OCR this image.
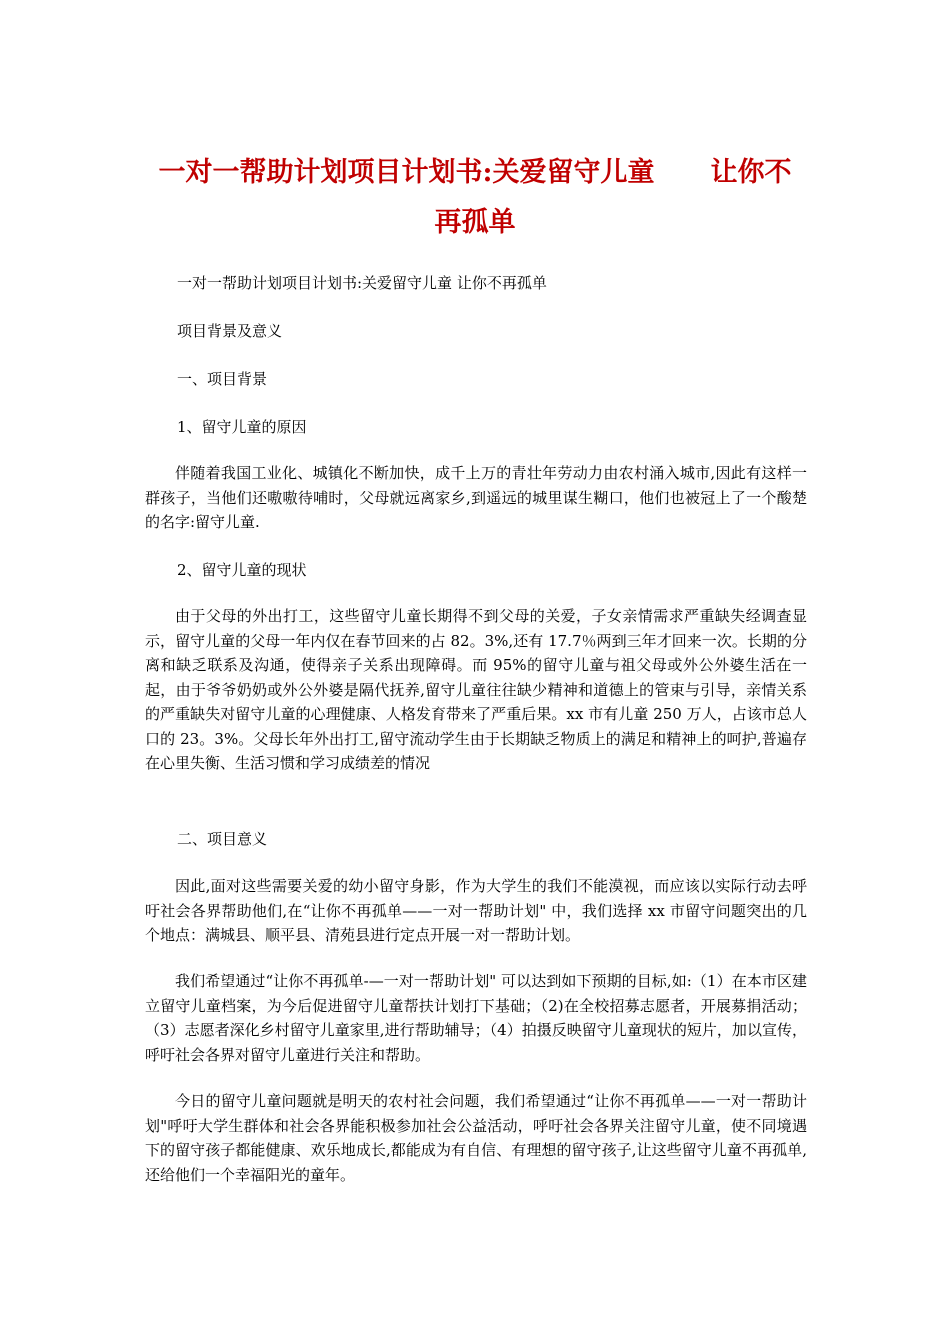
一对一帮助计划项目计划书:关爱留守儿童 让你不
再孤单
一对一帮助计划项目计划书:关爱留守儿童 让你不再孤单
项目背景及意义
一、项目背景
1、留守儿童的原因
伴随着我国工业化、城镇化不断加快，成千上万的青壮年劳动力由农村涌入城市,因此有这样一群孩子，当他们还嗷嗷待哺时，父母就远离家乡,到遥远的城里谋生糊口，他们也被冠上了一个酸楚的名字:留守儿童.
2、留守儿童的现状
由于父母的外出打工，这些留守儿童长期得不到父母的关爱，子女亲情需求严重缺失经调查显示，留守儿童的父母一年内仅在春节回来的占 82。3%,还有 17.7％两到三年才回来一次。长期的分离和缺乏联系及沟通，使得亲子关系出现障碍。而 95%的留守儿童与祖父母或外公外婆生活在一起，由于爷爷奶奶或外公外婆是隔代抚养,留守儿童往往缺少精神和道德上的管束与引导，亲情关系的严重缺失对留守儿童的心理健康、人格发育带来了严重后果。xx 市有儿童 250 万人，占该市总人口的 23。3%。父母长年外出打工,留守流动学生由于长期缺乏物质上的满足和精神上的呵护,普遍存在心里失衡、生活习惯和学习成绩差的情况
二、项目意义
因此,面对这些需要关爱的幼小留守身影，作为大学生的我们不能漠视，而应该以实际行动去呼吁社会各界帮助他们,在“让你不再孤单——一对一帮助计划" 中，我们选择 xx 市留守问题突出的几个地点：满城县、顺平县、清苑县进行定点开展一对一帮助计划。
我们希望通过“让你不再孤单-—一对一帮助计划" 可以达到如下预期的目标,如:（1）在本市区建立留守儿童档案，为今后促进留守儿童帮扶计划打下基础；（2)在全校招募志愿者，开展募捐活动；（3）志愿者深化乡村留守儿童家里,进行帮助辅导；（4）拍摄反映留守儿童现状的短片，加以宣传，呼吁社会各界对留守儿童进行关注和帮助。
今日的留守儿童问题就是明天的农村社会问题，我们希望通过“让你不再孤单——一对一帮助计划"呼吁大学生群体和社会各界能积极参加社会公益活动，呼吁社会各界关注留守儿童，使不同境遇下的留守孩子都能健康、欢乐地成长,都能成为有自信、有理想的留守孩子,让这些留守儿童不再孤单,还给他们一个幸福阳光的童年。
